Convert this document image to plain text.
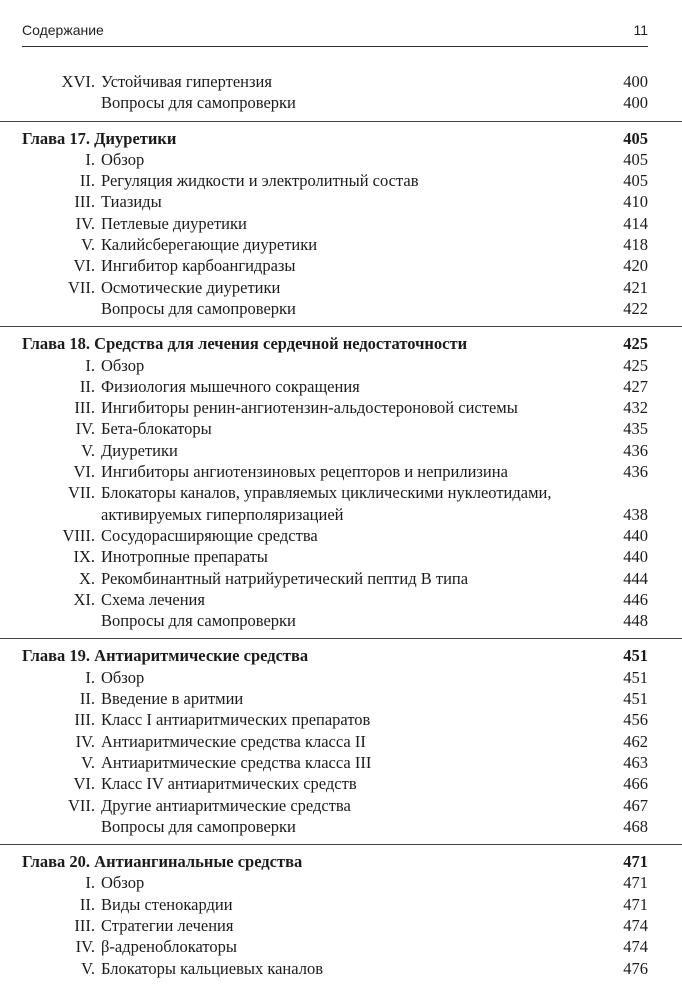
Содержание	11
XVI. Устойчивая гипертензия	400
Вопросы для самопроверки	400
Глава 17. Диуретики	405
I. Обзор	405
II. Регуляция жидкости и электролитный состав	405
III. Тиазиды	410
IV. Петлевые диуретики	414
V. Калийсберегающие диуретики	418
VI. Ингибитор карбоангидразы	420
VII. Осмотические диуретики	421
Вопросы для самопроверки	422
Глава 18. Средства для лечения сердечной недостаточности	425
I. Обзор	425
II. Физиология мышечного сокращения	427
III. Ингибиторы ренин-ангиотензин-альдостероновой системы	432
IV. Бета-блокаторы	435
V. Диуретики	436
VI. Ингибиторы ангиотензиновых рецепторов и неприлизина	436
VII. Блокаторы каналов, управляемых циклическими нуклеотидами, активируемых гиперполяризацией	438
VIII. Сосудорасширяющие средства	440
IX. Инотропные препараты	440
X. Рекомбинантный натрийуретический пептид В типа	444
XI. Схема лечения	446
Вопросы для самопроверки	448
Глава 19. Антиаритмические средства	451
I. Обзор	451
II. Введение в аритмии	451
III. Класс I антиаритмических препаратов	456
IV. Антиаритмические средства класса II	462
V. Антиаритмические средства класса III	463
VI. Класс IV антиаритмических средств	466
VII. Другие антиаритмические средства	467
Вопросы для самопроверки	468
Глава 20. Антиангинальные средства	471
I. Обзор	471
II. Виды стенокардии	471
III. Стратегии лечения	474
IV. β-адреноблокаторы	474
V. Блокаторы кальциевых каналов	476
